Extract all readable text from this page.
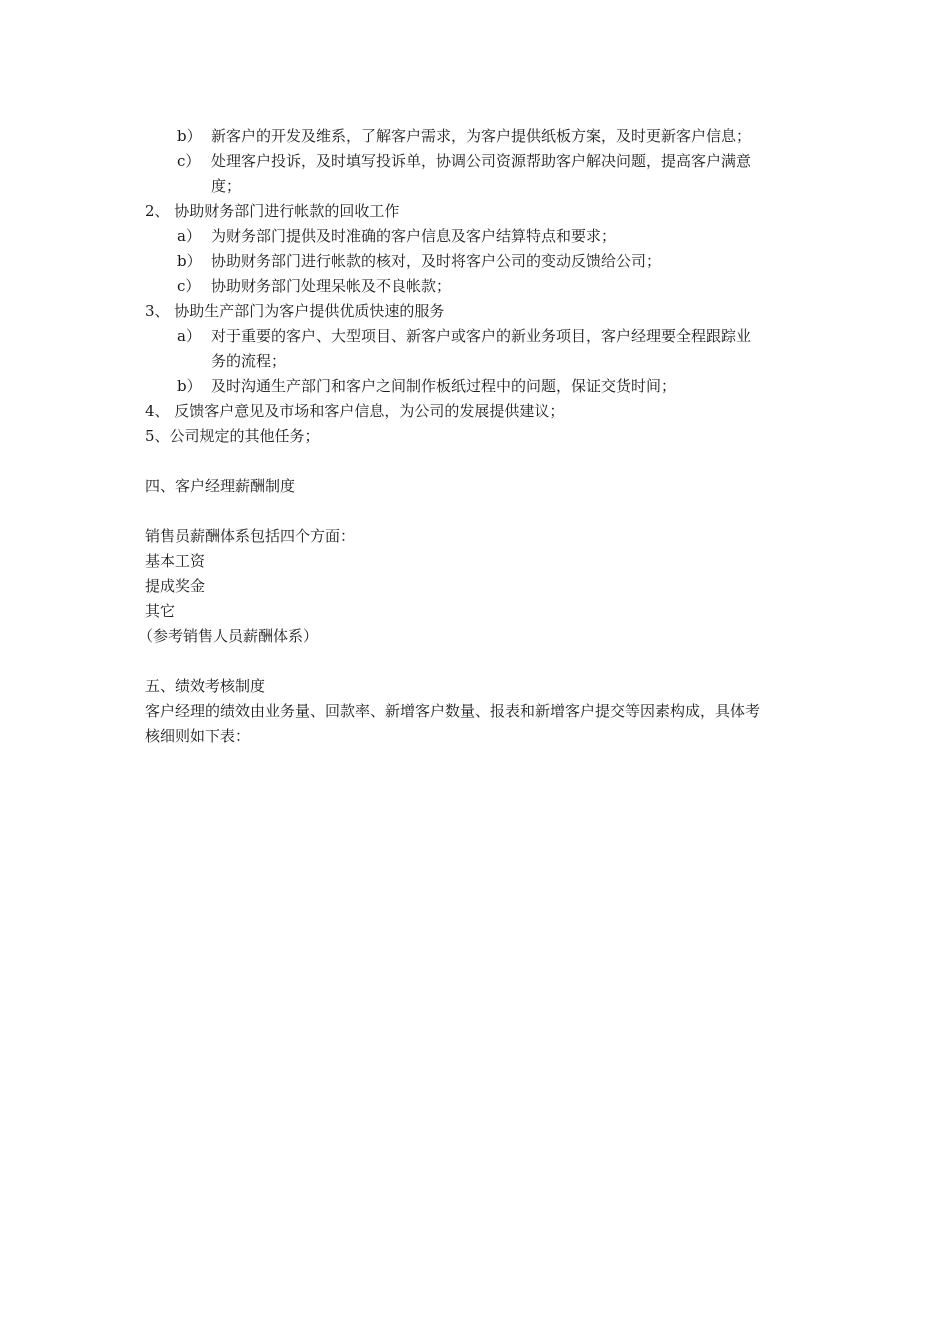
b） 新客户的开发及维系，了解客户需求，为客户提供纸板方案，及时更新客户信息；
c） 处理客户投诉，及时填写投诉单，协调公司资源帮助客户解决问题，提高客户满意
度；
2、 协助财务部门进行帐款的回收工作
a） 为财务部门提供及时准确的客户信息及客户结算特点和要求；
b） 协助财务部门进行帐款的核对，及时将客户公司的变动反馈给公司；
c） 协助财务部门处理呆帐及不良帐款；
3、 协助生产部门为客户提供优质快速的服务
a） 对于重要的客户、大型项目、新客户或客户的新业务项目，客户经理要全程跟踪业
务的流程；
b） 及时沟通生产部门和客户之间制作板纸过程中的问题，保证交货时间；
4、 反馈客户意见及市场和客户信息，为公司的发展提供建议；
5、公司规定的其他任务；
四、客户经理薪酬制度
销售员薪酬体系包括四个方面：
基本工资
提成奖金
其它
（参考销售人员薪酬体系）
五、绩效考核制度
客户经理的绩效由业务量、回款率、新增客户数量、报表和新增客户提交等因素构成，具体考
核细则如下表：
